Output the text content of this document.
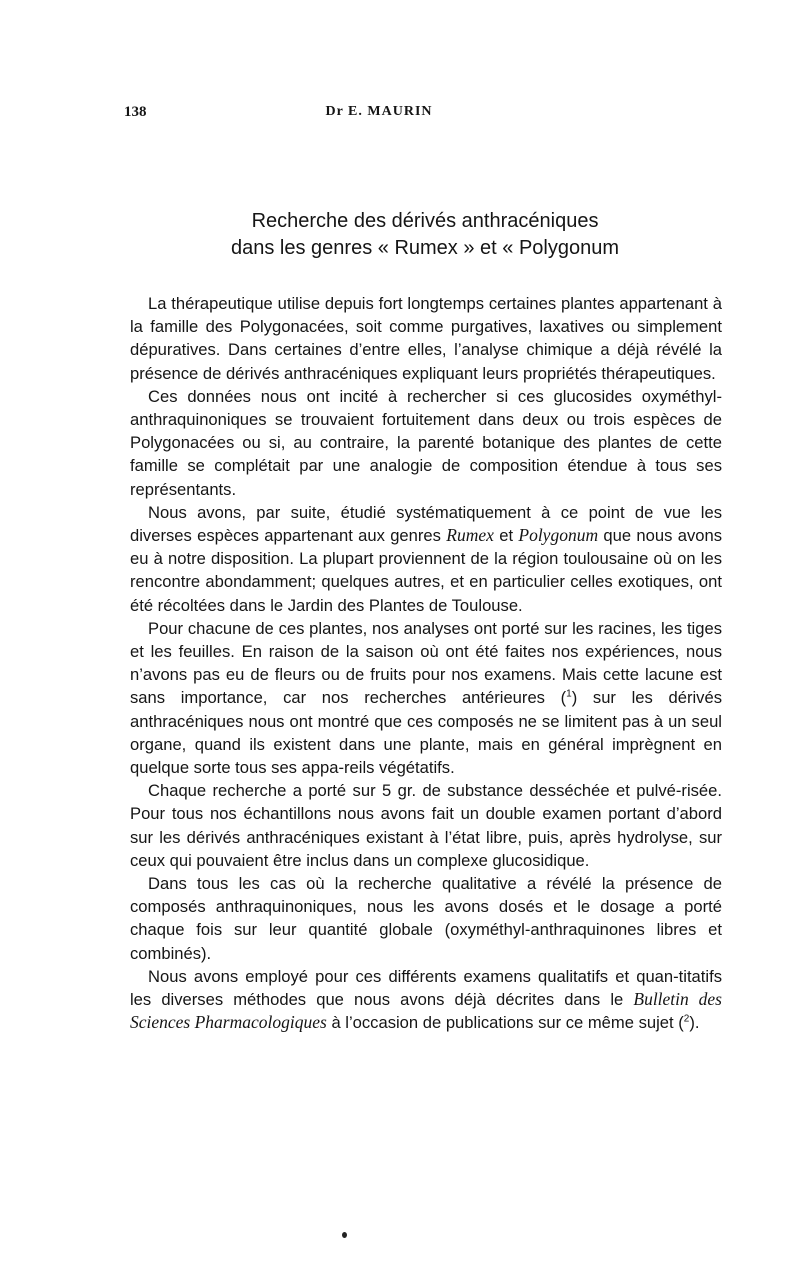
138	Dr E. MAURIN
Recherche des dérivés anthracéniques
dans les genres « Rumex » et « Polygonum

La thérapeutique utilise depuis fort longtemps certaines plantes appartenant à la famille des Polygonacées, soit comme purgatives, laxatives ou simplement dépuratives. Dans certaines d’entre elles, l’analyse chimique a déjà révélé la présence de dérivés anthracéniques expliquant leurs propriétés thérapeutiques.

Ces données nous ont incité à rechercher si ces glucosides oxyméthyl-anthraquinoniques se trouvaient fortuitement dans deux ou trois espèces de Polygonacées ou si, au contraire, la parenté botanique des plantes de cette famille se complétait par une analogie de composition étendue à tous ses représentants.

Nous avons, par suite, étudié systématiquement à ce point de vue les diverses espèces appartenant aux genres Rumex et Polygonum que nous avons eu à notre disposition. La plupart proviennent de la région toulousaine où on les rencontre abondamment; quelques autres, et en particulier celles exotiques, ont été récoltées dans le Jardin des Plantes de Toulouse.

Pour chacune de ces plantes, nos analyses ont porté sur les racines, les tiges et les feuilles. En raison de la saison où ont été faites nos expériences, nous n’avons pas eu de fleurs ou de fruits pour nos examens. Mais cette lacune est sans importance, car nos recherches antérieures ($^1$) sur les dérivés anthracéniques nous ont montré que ces composés ne se limitent pas à un seul organe, quand ils existent dans une plante, mais en général imprègnent en quelque sorte tous ses appa-reils végétatifs.

Chaque recherche a porté sur 5 gr. de substance desséchée et pulvé-risée. Pour tous nos échantillons nous avons fait un double examen portant d’abord sur les dérivés anthracéniques existant à l’état libre, puis, après hydrolyse, sur ceux qui pouvaient être inclus dans un complexe glucosidique.

Dans tous les cas où la recherche qualitative a révélé la présence de composés anthraquinoniques, nous les avons dosés et le dosage a porté chaque fois sur leur quantité globale (oxyméthyl-anthraquinones libres et combinés).

Nous avons employé pour ces différents examens qualitatifs et quan-titatifs les diverses méthodes que nous avons déjà décrites dans le Bulletin des Sciences Pharmacologiques à l’occasion de publications sur ce même sujet ($^2$).
